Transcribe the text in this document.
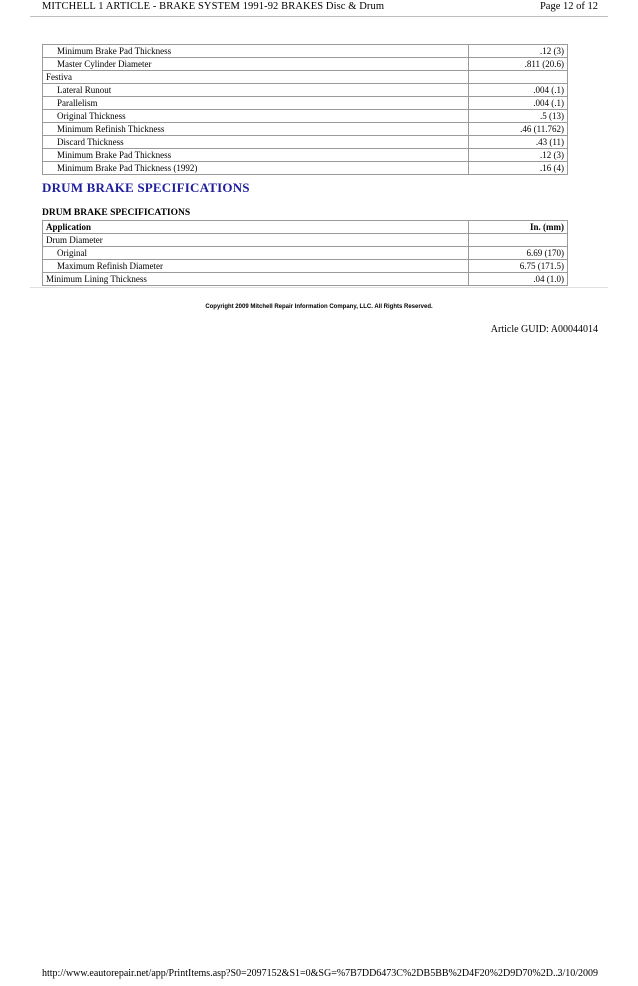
MITCHELL 1 ARTICLE - BRAKE SYSTEM 1991-92 BRAKES Disc & Drum	Page 12 of 12
Minimum Brake Pad Thickness	.12 (3)
Master Cylinder Diameter	.811 (20.6)
Festiva	
Lateral Runout	.004 (.1)
Parallelism	.004 (.1)
Original Thickness	.5 (13)
Minimum Refinish Thickness	.46 (11.762)
Discard Thickness	.43 (11)
Minimum Brake Pad Thickness	.12 (3)
Minimum Brake Pad Thickness (1992)	.16 (4)
DRUM BRAKE SPECIFICATIONS
DRUM BRAKE SPECIFICATIONS
Application	In. (mm)
Drum Diameter	
Original	6.69 (170)
Maximum Refinish Diameter	6.75 (171.5)
Minimum Lining Thickness	.04 (1.0)
Copyright 2009 Mitchell Repair Information Company, LLC. All Rights Reserved.
Article GUID: A00044014
http://www.eautorepair.net/app/PrintItems.asp?S0=2097152&S1=0&SG=%7B7DD6473C%2DB5BB%2D4F20%2D9D70%2D...
3/10/2009
